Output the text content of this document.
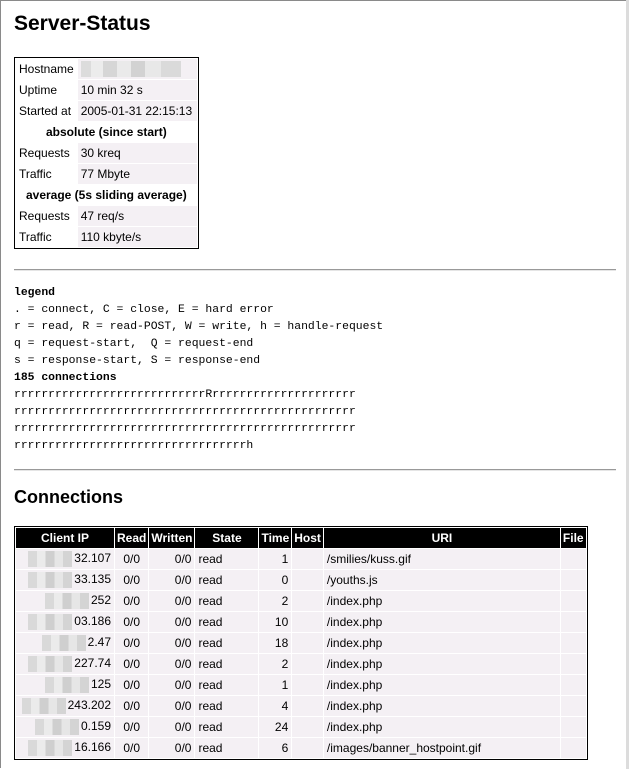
Server-Status
Hostname	
Uptime	10 min 32 s
Started at	2005-01-31 22:15:13
absolute (since start)	
Requests	30 kreq
Traffic	77 Mbyte
average (5s sliding average)	
Requests	47 req/s
Traffic	110 kbyte/s
legend
. = connect, C = close, E = hard error
r = read, R = read-POST, W = write, h = handle-request
q = request-start,  Q = request-end
s = response-start, S = response-end
185 connections
rrrrrrrrrrrrrrrrrrrrrrrrrrrrRrrrrrrrrrrrrrrrrrrrrr
rrrrrrrrrrrrrrrrrrrrrrrrrrrrrrrrrrrrrrrrrrrrrrrrrr
rrrrrrrrrrrrrrrrrrrrrrrrrrrrrrrrrrrrrrrrrrrrrrrrrr
rrrrrrrrrrrrrrrrrrrrrrrrrrrrrrrrrrh
Connections
Client IP	Read	Written	State	Time	Host	URI	File
32.107	0/0	0/0	read	1		/smilies/kuss.gif	
33.135	0/0	0/0	read	0		/youths.js	
252	0/0	0/0	read	2		/index.php	
03.186	0/0	0/0	read	10		/index.php	
2.47	0/0	0/0	read	18		/index.php	
227.74	0/0	0/0	read	2		/index.php	
125	0/0	0/0	read	1		/index.php	
243.202	0/0	0/0	read	4		/index.php	
0.159	0/0	0/0	read	24		/index.php	
16.166	0/0	0/0	read	6		/images/banner_hostpoint.gif	
